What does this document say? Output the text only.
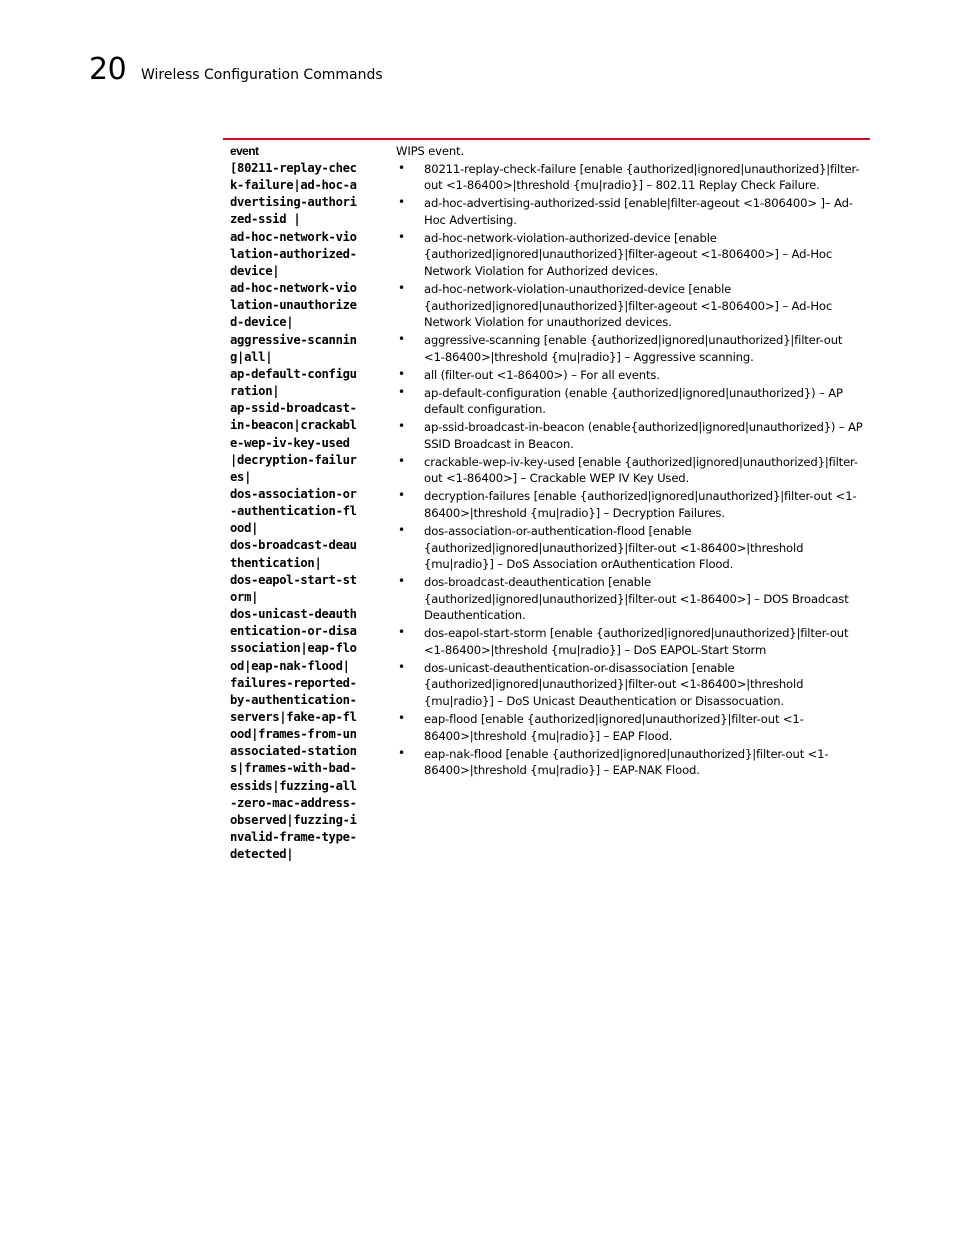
20 Wireless Configuration Commands
event
[80211-replay-chec
k-failure|ad-hoc-a
dvertising-authori
zed-ssid |
ad-hoc-network-vio
lation-authorized-
device|
ad-hoc-network-vio
lation-unauthorize
d-device|
aggressive-scannin
g|all|
ap-default-configu
ration|
ap-ssid-broadcast-
in-beacon|crackabl
e-wep-iv-key-used
|decryption-failur
es|
dos-association-or
-authentication-fl
ood|
dos-broadcast-deau
thentication|
dos-eapol-start-st
orm|
dos-unicast-deauth
entication-or-disa
ssociation|eap-flo
od|eap-nak-flood|
failures-reported-
by-authentication-
servers|fake-ap-fl
ood|frames-from-un
associated-station
s|frames-with-bad-
essids|fuzzing-all
-zero-mac-address-
observed|fuzzing-i
nvalid-frame-type-
detected|
WIPS event.
• 80211-replay-check-failure [enable {authorized|ignored|unauthorized}|filter-out <1-86400>|threshold {mu|radio}] – 802.11 Replay Check Failure.
• ad-hoc-advertising-authorized-ssid [enable|filter-ageout <1-806400> ]– Ad-Hoc Advertising.
• ad-hoc-network-violation-authorized-device [enable {authorized|ignored|unauthorized}|filter-ageout <1-806400>] – Ad-Hoc Network Violation for Authorized devices.
• ad-hoc-network-violation-unauthorized-device [enable {authorized|ignored|unauthorized}|filter-ageout <1-806400>] – Ad-Hoc Network Violation for unauthorized devices.
• aggressive-scanning [enable {authorized|ignored|unauthorized}|filter-out <1-86400>|threshold {mu|radio}] – Aggressive scanning.
• all (filter-out <1-86400>) – For all events.
• ap-default-configuration (enable {authorized|ignored|unauthorized}) – AP default configuration.
• ap-ssid-broadcast-in-beacon (enable{authorized|ignored|unauthorized}) – AP SSID Broadcast in Beacon.
• crackable-wep-iv-key-used [enable {authorized|ignored|unauthorized}|filter-out <1-86400>] – Crackable WEP IV Key Used.
• decryption-failures [enable {authorized|ignored|unauthorized}|filter-out <1-86400>|threshold {mu|radio}] – Decryption Failures.
• dos-association-or-authentication-flood [enable {authorized|ignored|unauthorized}|filter-out <1-86400>|threshold {mu|radio}] – DoS Association orAuthentication Flood.
• dos-broadcast-deauthentication [enable {authorized|ignored|unauthorized}|filter-out <1-86400>] – DOS Broadcast Deauthentication.
• dos-eapol-start-storm [enable {authorized|ignored|unauthorized}|filter-out <1-86400>|threshold {mu|radio}] – DoS EAPOL-Start Storm
• dos-unicast-deauthentication-or-disassociation [enable {authorized|ignored|unauthorized}|filter-out <1-86400>|threshold {mu|radio}] – DoS Unicast Deauthentication or Disassocuation.
• eap-flood [enable {authorized|ignored|unauthorized}|filter-out <1-86400>|threshold {mu|radio}] – EAP Flood.
• eap-nak-flood [enable {authorized|ignored|unauthorized}|filter-out <1-86400>|threshold {mu|radio}] – EAP-NAK Flood.
